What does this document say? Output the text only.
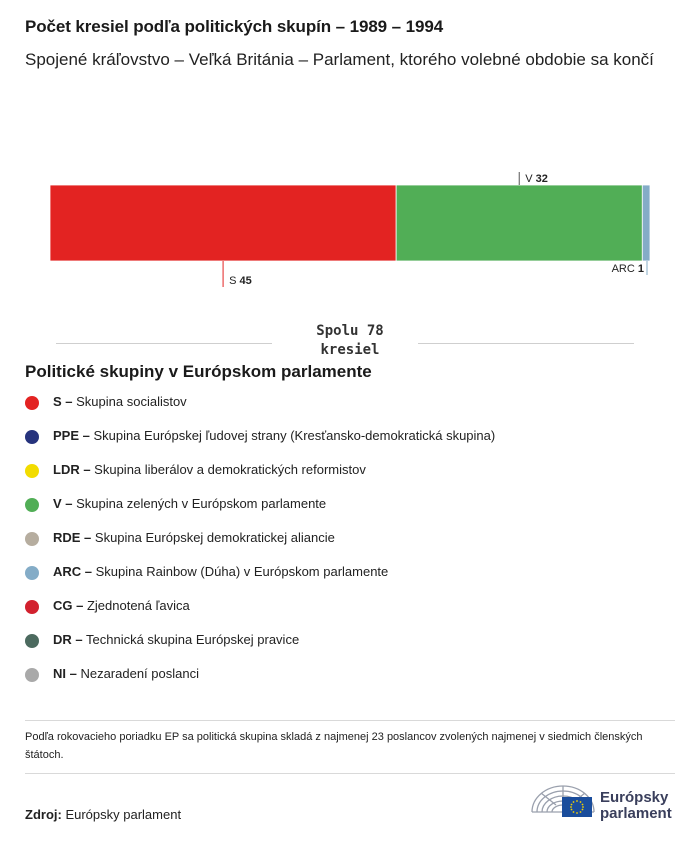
Počet kresiel podľa politických skupín – 1989 – 1994
Spojené kráľovstvo – Veľká Británia – Parlament, ktorého volebné obdobie sa končí
S 45
V 32
ARC 1
Spolu 78
kresiel
Politické skupiny v Európskom parlamente
S – Skupina socialistov
PPE – Skupina Európskej ľudovej strany (Kresťansko-demokratická skupina)
LDR – Skupina liberálov a demokratických reformistov
V – Skupina zelených v Európskom parlamente
RDE – Skupina Európskej demokratickej aliancie
ARC – Skupina Rainbow (Dúha) v Európskom parlamente
CG – Zjednotená ľavica
DR – Technická skupina Európskej pravice
NI – Nezaradení poslanci
Podľa rokovacieho poriadku EP sa politická skupina skladá z najmenej 23 poslancov zvolených najmenej v siedmich členských štátoch.
Zdroj: Európsky parlament
Európsky
parlament
